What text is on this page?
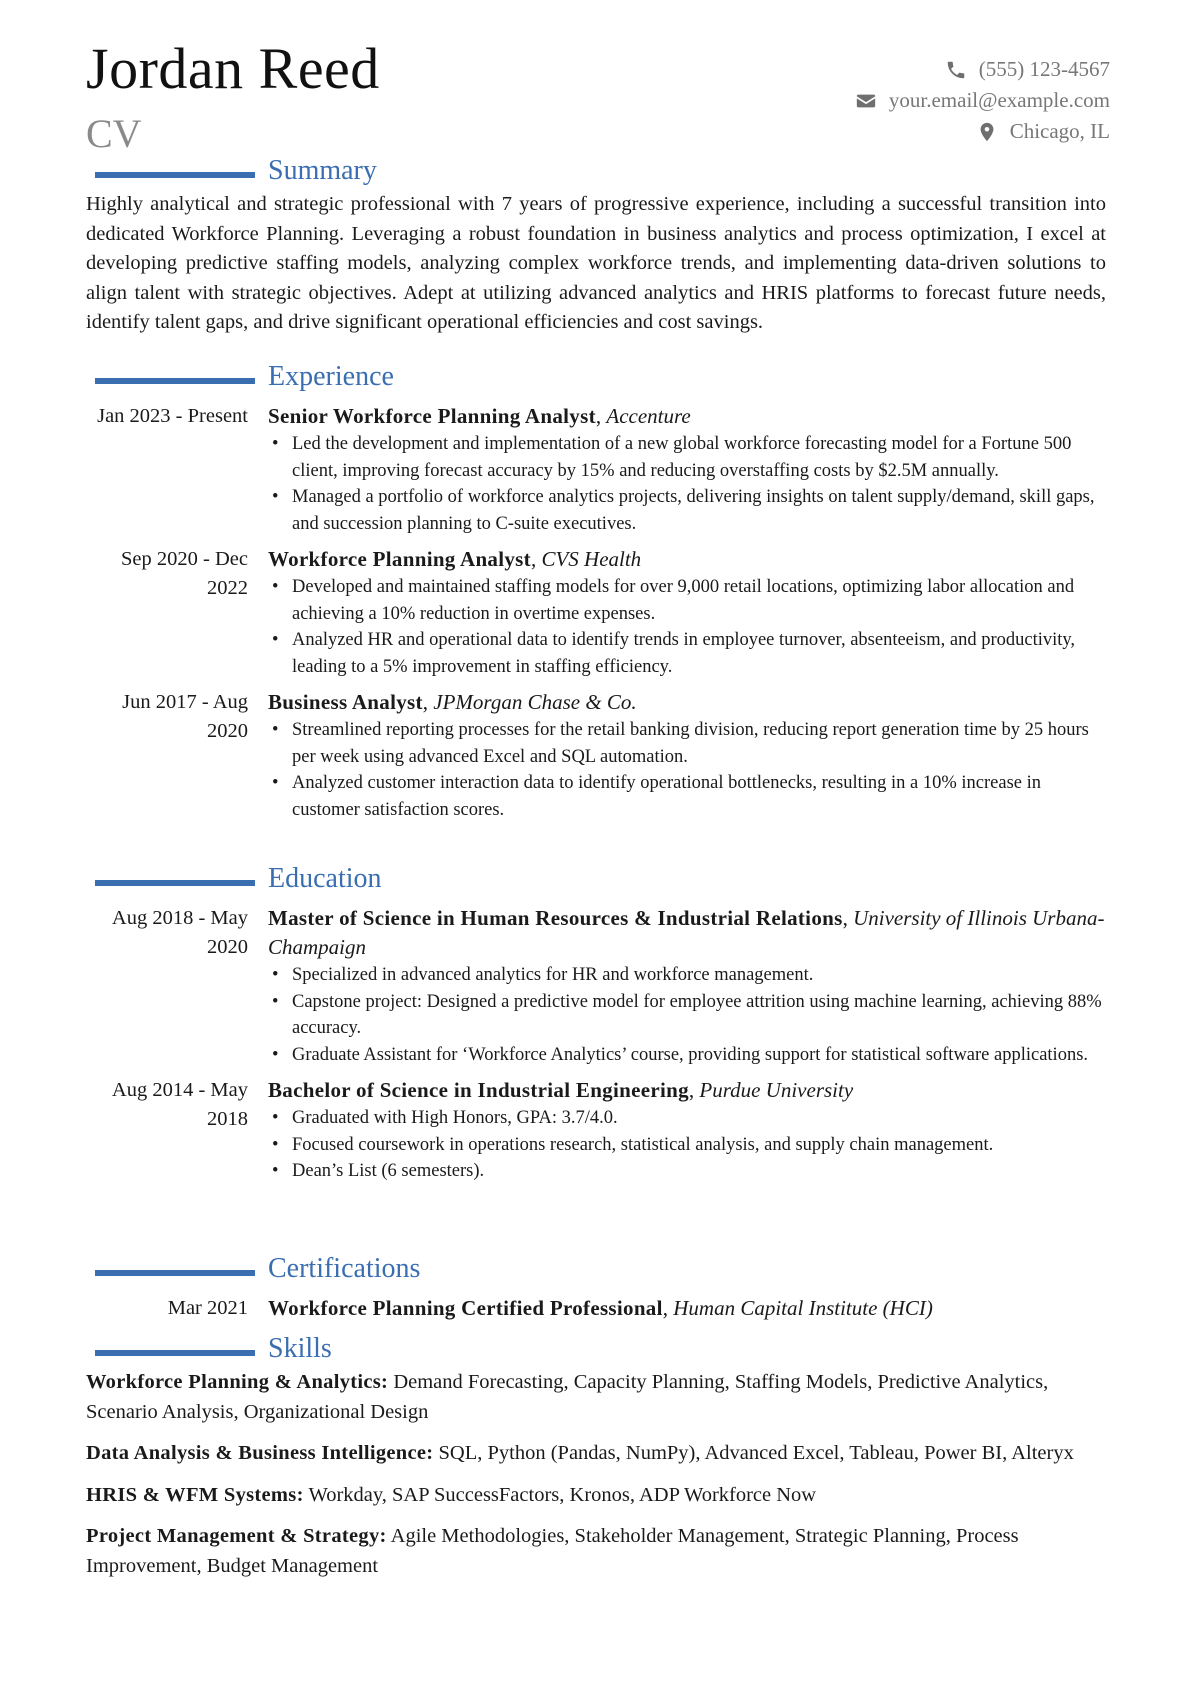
Jordan Reed
CV
(555) 123-4567
your.email@example.com
Chicago, IL
Summary
Highly analytical and strategic professional with 7 years of progressive experience, including a successful transition into dedicated Workforce Planning. Leveraging a robust foundation in business analytics and process optimization, I excel at developing predictive staffing models, analyzing complex workforce trends, and implementing data-driven solutions to align talent with strategic objectives. Adept at utilizing advanced analytics and HRIS platforms to forecast future needs, identify talent gaps, and drive significant operational efficiencies and cost savings.
Experience
Jan 2023 - Present Senior Workforce Planning Analyst, Accenture
• Led the development and implementation of a new global workforce forecasting model for a Fortune 500 client, improving forecast accuracy by 15% and reducing overstaffing costs by $2.5M annually.
• Managed a portfolio of workforce analytics projects, delivering insights on talent supply/demand, skill gaps, and succession planning to C-suite executives.
Sep 2020 - Dec 2022
Workforce Planning Analyst, CVS Health
• Developed and maintained staffing models for over 9,000 retail locations, optimizing labor allocation and achieving a 10% reduction in overtime expenses.
• Analyzed HR and operational data to identify trends in employee turnover, absenteeism, and productivity, leading to a 5% improvement in staffing efficiency.
Jun 2017 - Aug 2020
Business Analyst, JPMorgan Chase & Co.
• Streamlined reporting processes for the retail banking division, reducing report generation time by 25 hours per week using advanced Excel and SQL automation.
• Analyzed customer interaction data to identify operational bottlenecks, resulting in a 10% increase in customer satisfaction scores.
Education
Aug 2018 - May 2020
Master of Science in Human Resources & Industrial Relations, University of Illinois Urbana-Champaign
• Specialized in advanced analytics for HR and workforce management.
• Capstone project: Designed a predictive model for employee attrition using machine learning, achieving 88% accuracy.
• Graduate Assistant for ‘Workforce Analytics’ course, providing support for statistical software applications.
Aug 2014 - May 2018
Bachelor of Science in Industrial Engineering, Purdue University
• Graduated with High Honors, GPA: 3.7/4.0.
• Focused coursework in operations research, statistical analysis, and supply chain management.
• Dean’s List (6 semesters).
Certifications
Mar 2021 Workforce Planning Certified Professional, Human Capital Institute (HCI)
Skills
Workforce Planning & Analytics: Demand Forecasting, Capacity Planning, Staffing Models, Predictive Analytics, Scenario Analysis, Organizational Design
Data Analysis & Business Intelligence: SQL, Python (Pandas, NumPy), Advanced Excel, Tableau, Power BI, Alteryx
HRIS & WFM Systems: Workday, SAP SuccessFactors, Kronos, ADP Workforce Now
Project Management & Strategy: Agile Methodologies, Stakeholder Management, Strategic Planning, Process Improvement, Budget Management
